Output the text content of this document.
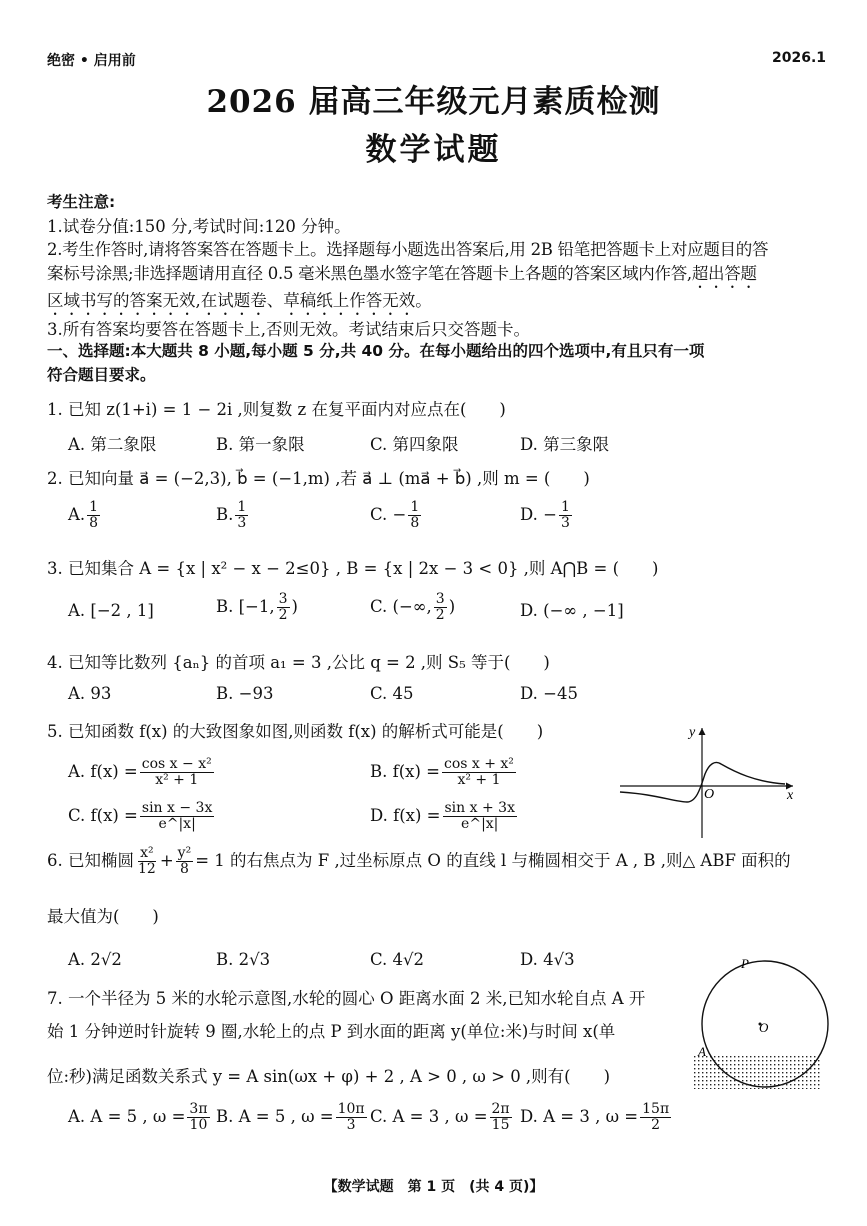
绝密 • 启用前	2026.1
2026 届高三年级元月素质检测
数学试题
考生注意:
1.试卷分值:150 分,考试时间:120 分钟。
2.考生作答时,请将答案答在答题卡上。选择题每小题选出答案后,用 2B 铅笔把答题卡上对应题目的答
案标号涂黑;非选择题请用直径 0.5 毫米黑色墨水签字笔在答题卡上各题的答案区域内作答,超出答题
区域书写的答案无效,在试题卷、草稿纸上作答无效。
3.所有答案均要答在答题卡上,否则无效。考试结束后只交答题卡。
一、选择题:本大题共 8 小题,每小题 5 分,共 40 分。在每小题给出的四个选项中,有且只有一项
符合题目要求。
1. 已知 z(1+i) = 1 − 2i ,则复数 z 在复平面内对应点在(　　)
A. 第二象限	B. 第一象限	C. 第四象限	D. 第三象限
2. 已知向量 a⃗ = (−2,3), b⃗ = (−1,m) ,若 a⃗ ⊥ (ma⃗ + b⃗) ,则 m = (　　)
A. $\frac{1}{8}$	B. $\frac{1}{3}$	C. − $\frac{1}{8}$	D. − $\frac{1}{3}$
3. 已知集合 A = {x | x² − x − 2≤0} , B = {x | 2x − 3 < 0} ,则 A⋂B = (　　)
A. [−2 , 1]	B. [−1, $\frac{3}{2}$ )	C. (−∞, $\frac{3}{2}$ )	D. (−∞ , −1]
4. 已知等比数列 {aₙ} 的首项 a₁ = 3 ,公比 q = 2 ,则 S₅ 等于(　　)
A. 93	B. −93	C. 45	D. −45
5. 已知函数 f(x) 的大致图象如图,则函数 f(x) 的解析式可能是(　　)
A. $f(x) = \frac{\text{cos x − x²}}{\text{x² + 1}}$	B. $f(x) = \frac{\text{cos x + x²}}{\text{x² + 1}}$
C. $f(x) = \frac{\text{sin x − 3x}}{e\^{}|x|}$	D. $f(x) = \frac{\text{sin x + 3x}}{e\^{}|x|}$
y
x
O
6. 已知椭圆 $\frac{\text{x²}}{12} + \frac{\text{y²}}{8} = 1$ 的右焦点为 F ,过坐标原点 O 的直线 l 与椭圆相交于 A , B ,则△ ABF 面积的
最大值为(　　)
A. 2√2	B. 2√3	C. 4√2	D. 4√3
7. 一个半径为 5 米的水轮示意图,水轮的圆心 O 距离水面 2 米,已知水轮自点 A 开
始 1 分钟逆时针旋转 9 圈,水轮上的点 P 到水面的距离 y(单位:米)与时间 x(单
位:秒)满足函数关系式 y = A sin(ωx + φ) + 2 , A > 0 , ω > 0 ,则有(　　)
A. A = 5 , $\omega = \frac{3\pi}{10} B$. A = 5 , $\omega = \frac{10\pi}{3} C$. A = 3 , $\omega = \frac{2\pi}{15} D$. A = 3 , $\omega = \frac{15\pi}{2}$
P
O
A
【数学试题　第 1 页　(共 4 页)】
